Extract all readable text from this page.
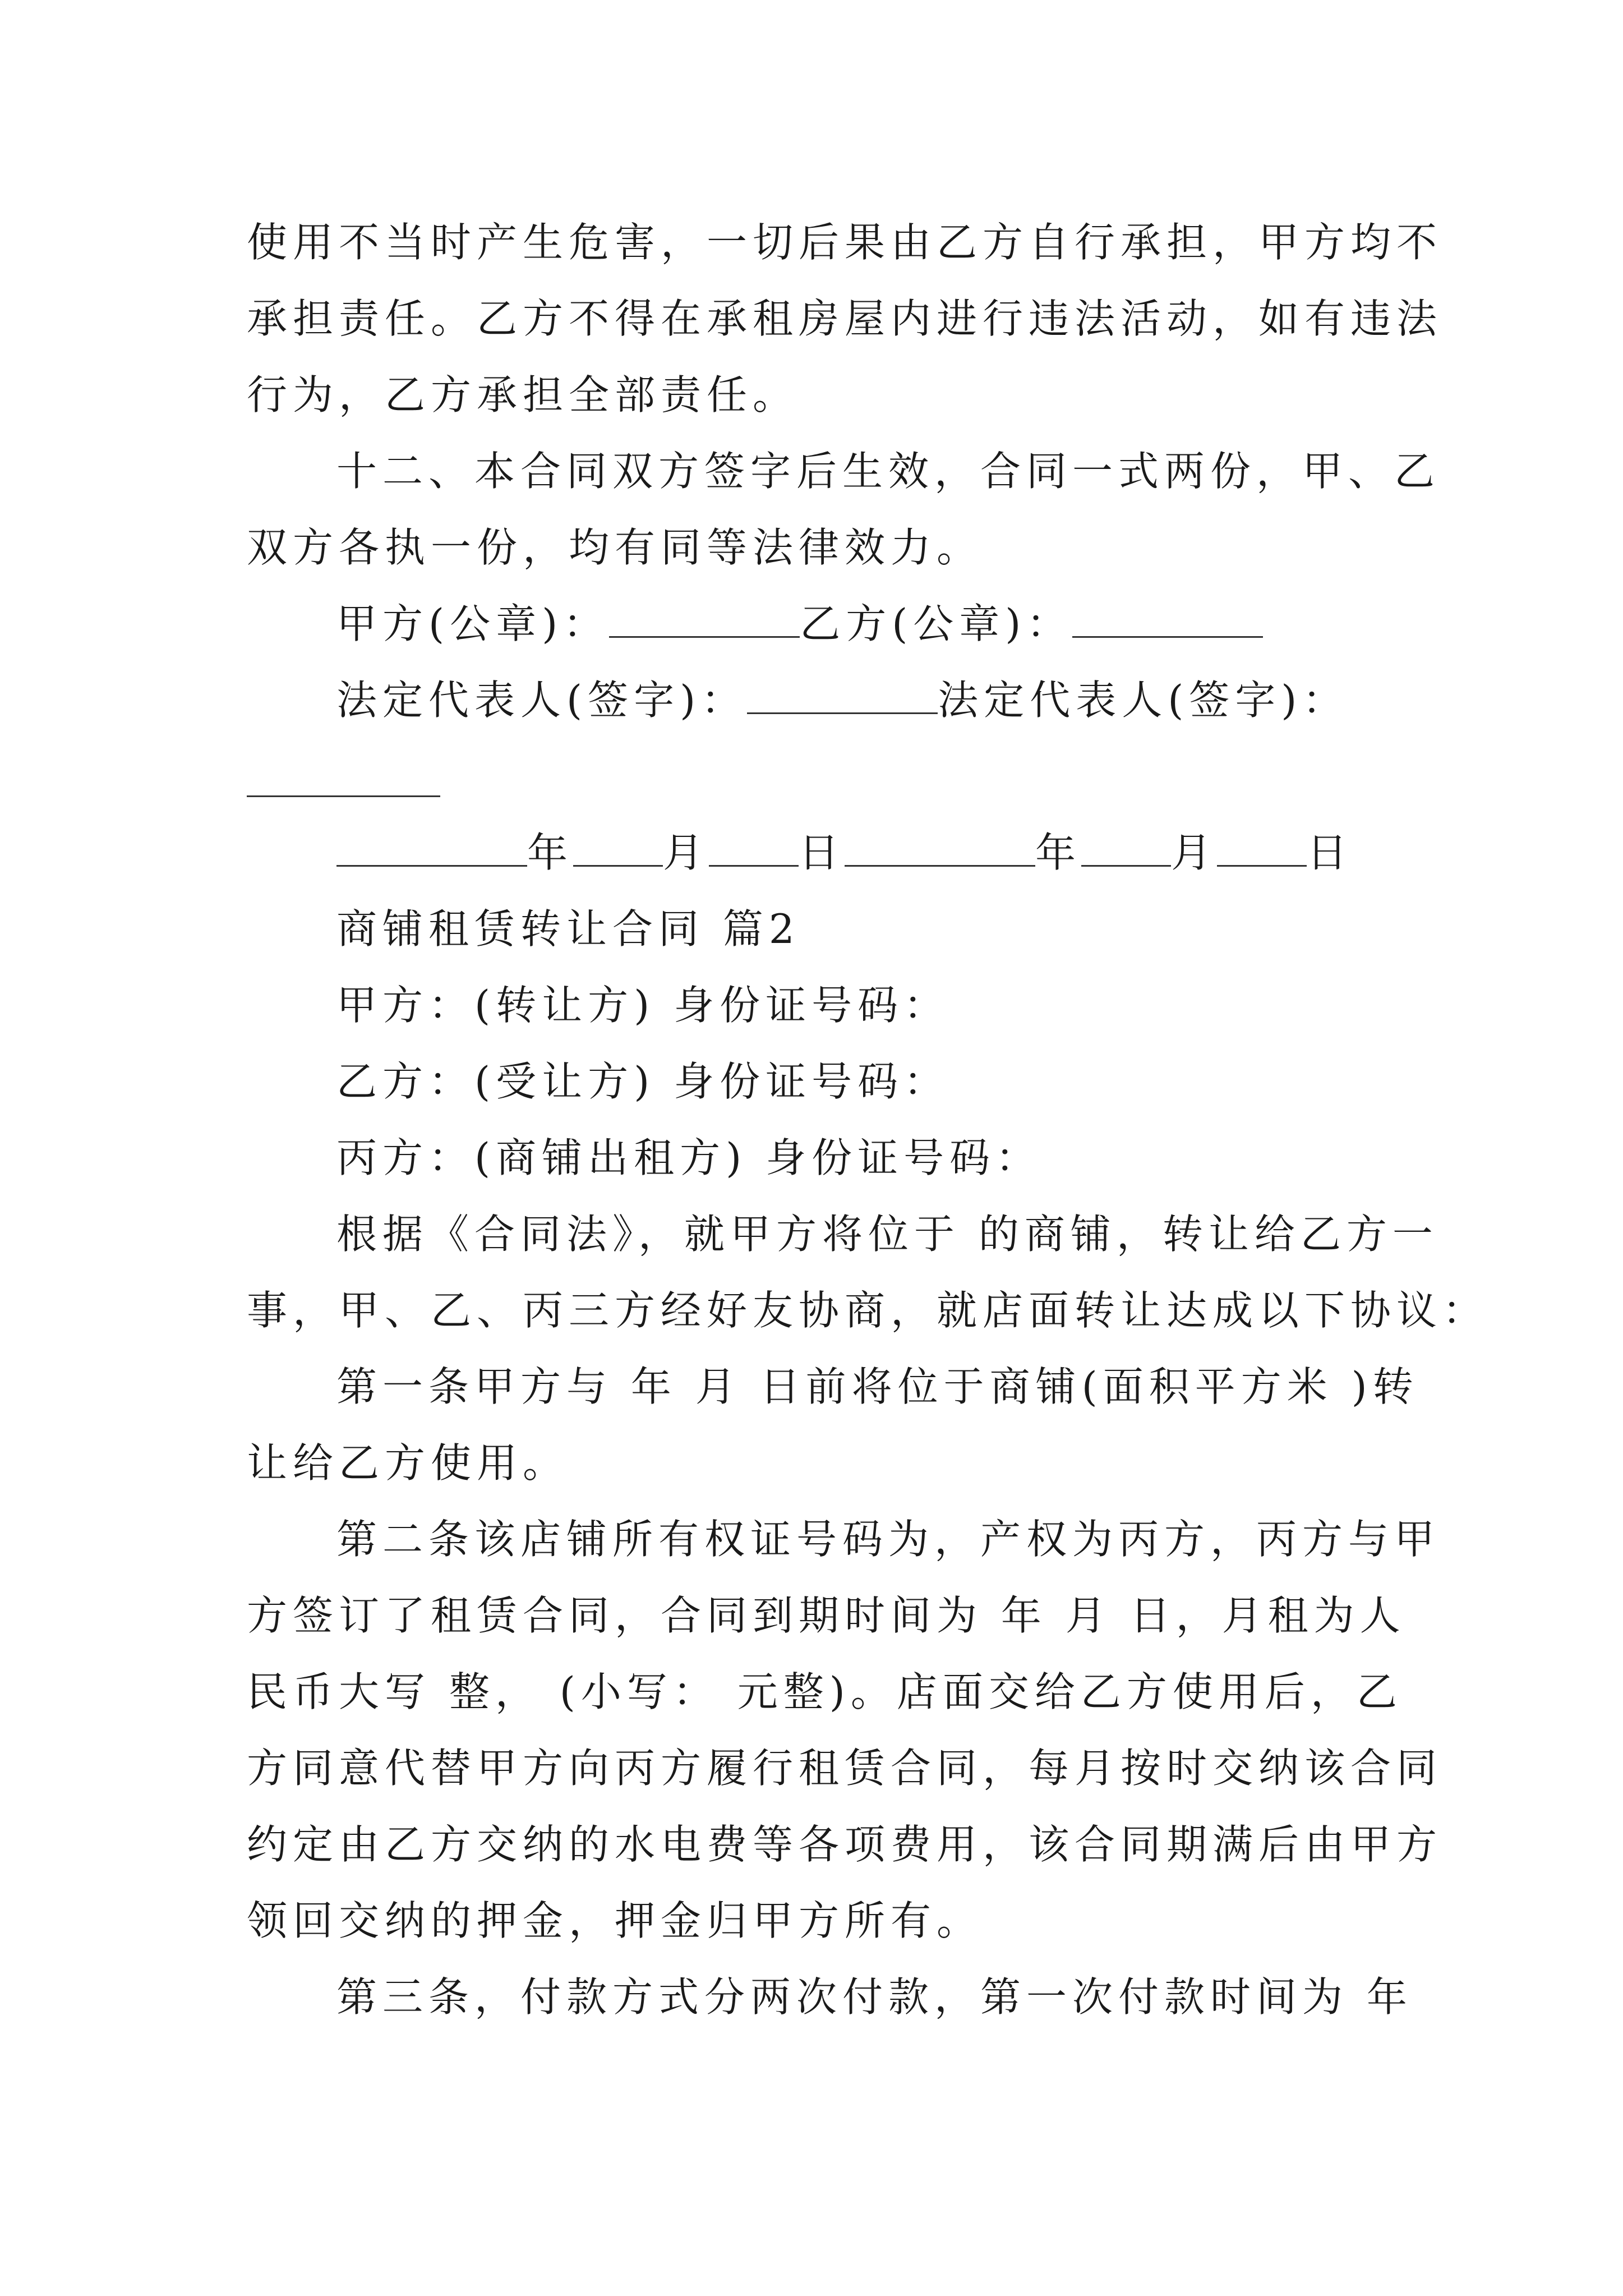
使用不当时产生危害，一切后果由乙方自行承担，甲方均不
承担责任。乙方不得在承租房屋内进行违法活动，如有违法
行为，乙方承担全部责任。
十二、本合同双方签字后生效，合同一式两份，甲、乙
双方各执一份，均有同等法律效力。
甲方(公章)：	乙方(公章)：
法定代表人(签字)：	法定代表人(签字)：
年 月 日	年 月 日
商铺租赁转让合同 篇2
甲方：(转让方) 身份证号码：
乙方：(受让方) 身份证号码：
丙方：(商铺出租方) 身份证号码：
根据《合同法》，就甲方将位于 的商铺，转让给乙方一
事，甲、乙、丙三方经好友协商，就店面转让达成以下协议：
第一条甲方与 年 月 日前将位于商铺(面积平方米 )转
让给乙方使用。
第二条该店铺所有权证号码为，产权为丙方，丙方与甲
方签订了租赁合同，合同到期时间为 年 月 日，月租为人
民币大写 整， (小写： 元整)。店面交给乙方使用后，乙
方同意代替甲方向丙方履行租赁合同，每月按时交纳该合同
约定由乙方交纳的水电费等各项费用，该合同期满后由甲方
领回交纳的押金，押金归甲方所有。
第三条，付款方式分两次付款，第一次付款时间为 年
